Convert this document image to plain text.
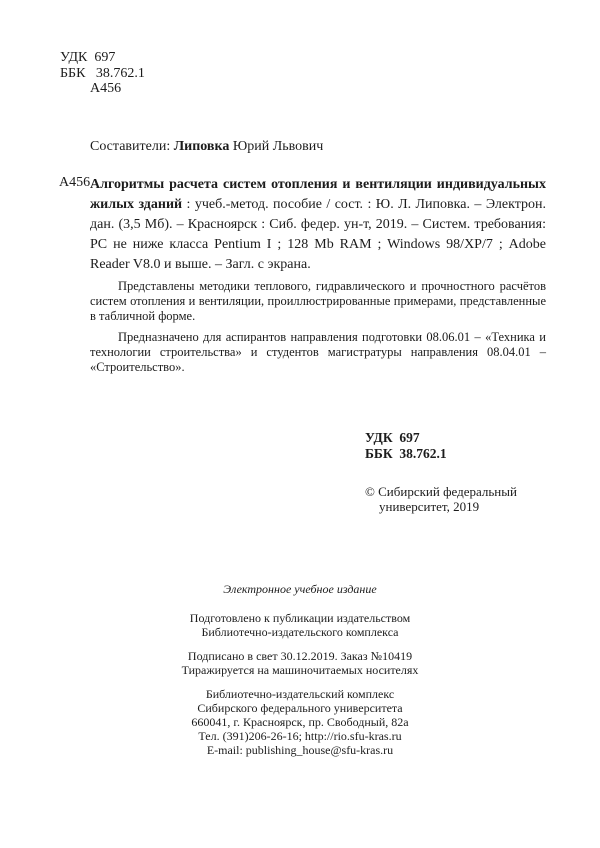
УДК  697
ББК   38.762.1
А456

Составители: Липовка Юрий Львович

А456 Алгоритмы расчета систем отопления и вентиляции индивидуальных жилых зданий : учеб.-метод. пособие / сост. : Ю. Л. Липовка. – Электрон. дан. (3,5 Мб). – Красноярск : Сиб. федер. ун-т, 2019. – Систем. требования: PC не ниже класса Pentium I ; 128 Mb RAM ; Windows 98/ХР/7 ; Adobe Reader V8.0 и выше. – Загл. с экрана.

Представлены методики теплового, гидравлического и прочностного расчётов систем отопления и вентиляции, проиллюстрированные примерами, представленные в табличной форме.

Предназначено для аспирантов направления подготовки 08.06.01 – «Техника и технологии строительства» и студентов магистратуры направления 08.04.01 – «Строительство».

УДК  697
ББК  38.762.1
© Сибирский федеральный
университет, 2019

Электронное учебное издание

Подготовлено к публикации издательством
Библиотечно-издательского комплекса
Подписано в свет 30.12.2019. Заказ №10419
Тиражируется на машиночитаемых носителях
Библиотечно-издательский комплекс
Сибирского федерального университета
660041, г. Красноярск, пр. Свободный, 82а
Тел. (391)206-26-16; http://rio.sfu-kras.ru
E-mail: publishing_house@sfu-kras.ru
